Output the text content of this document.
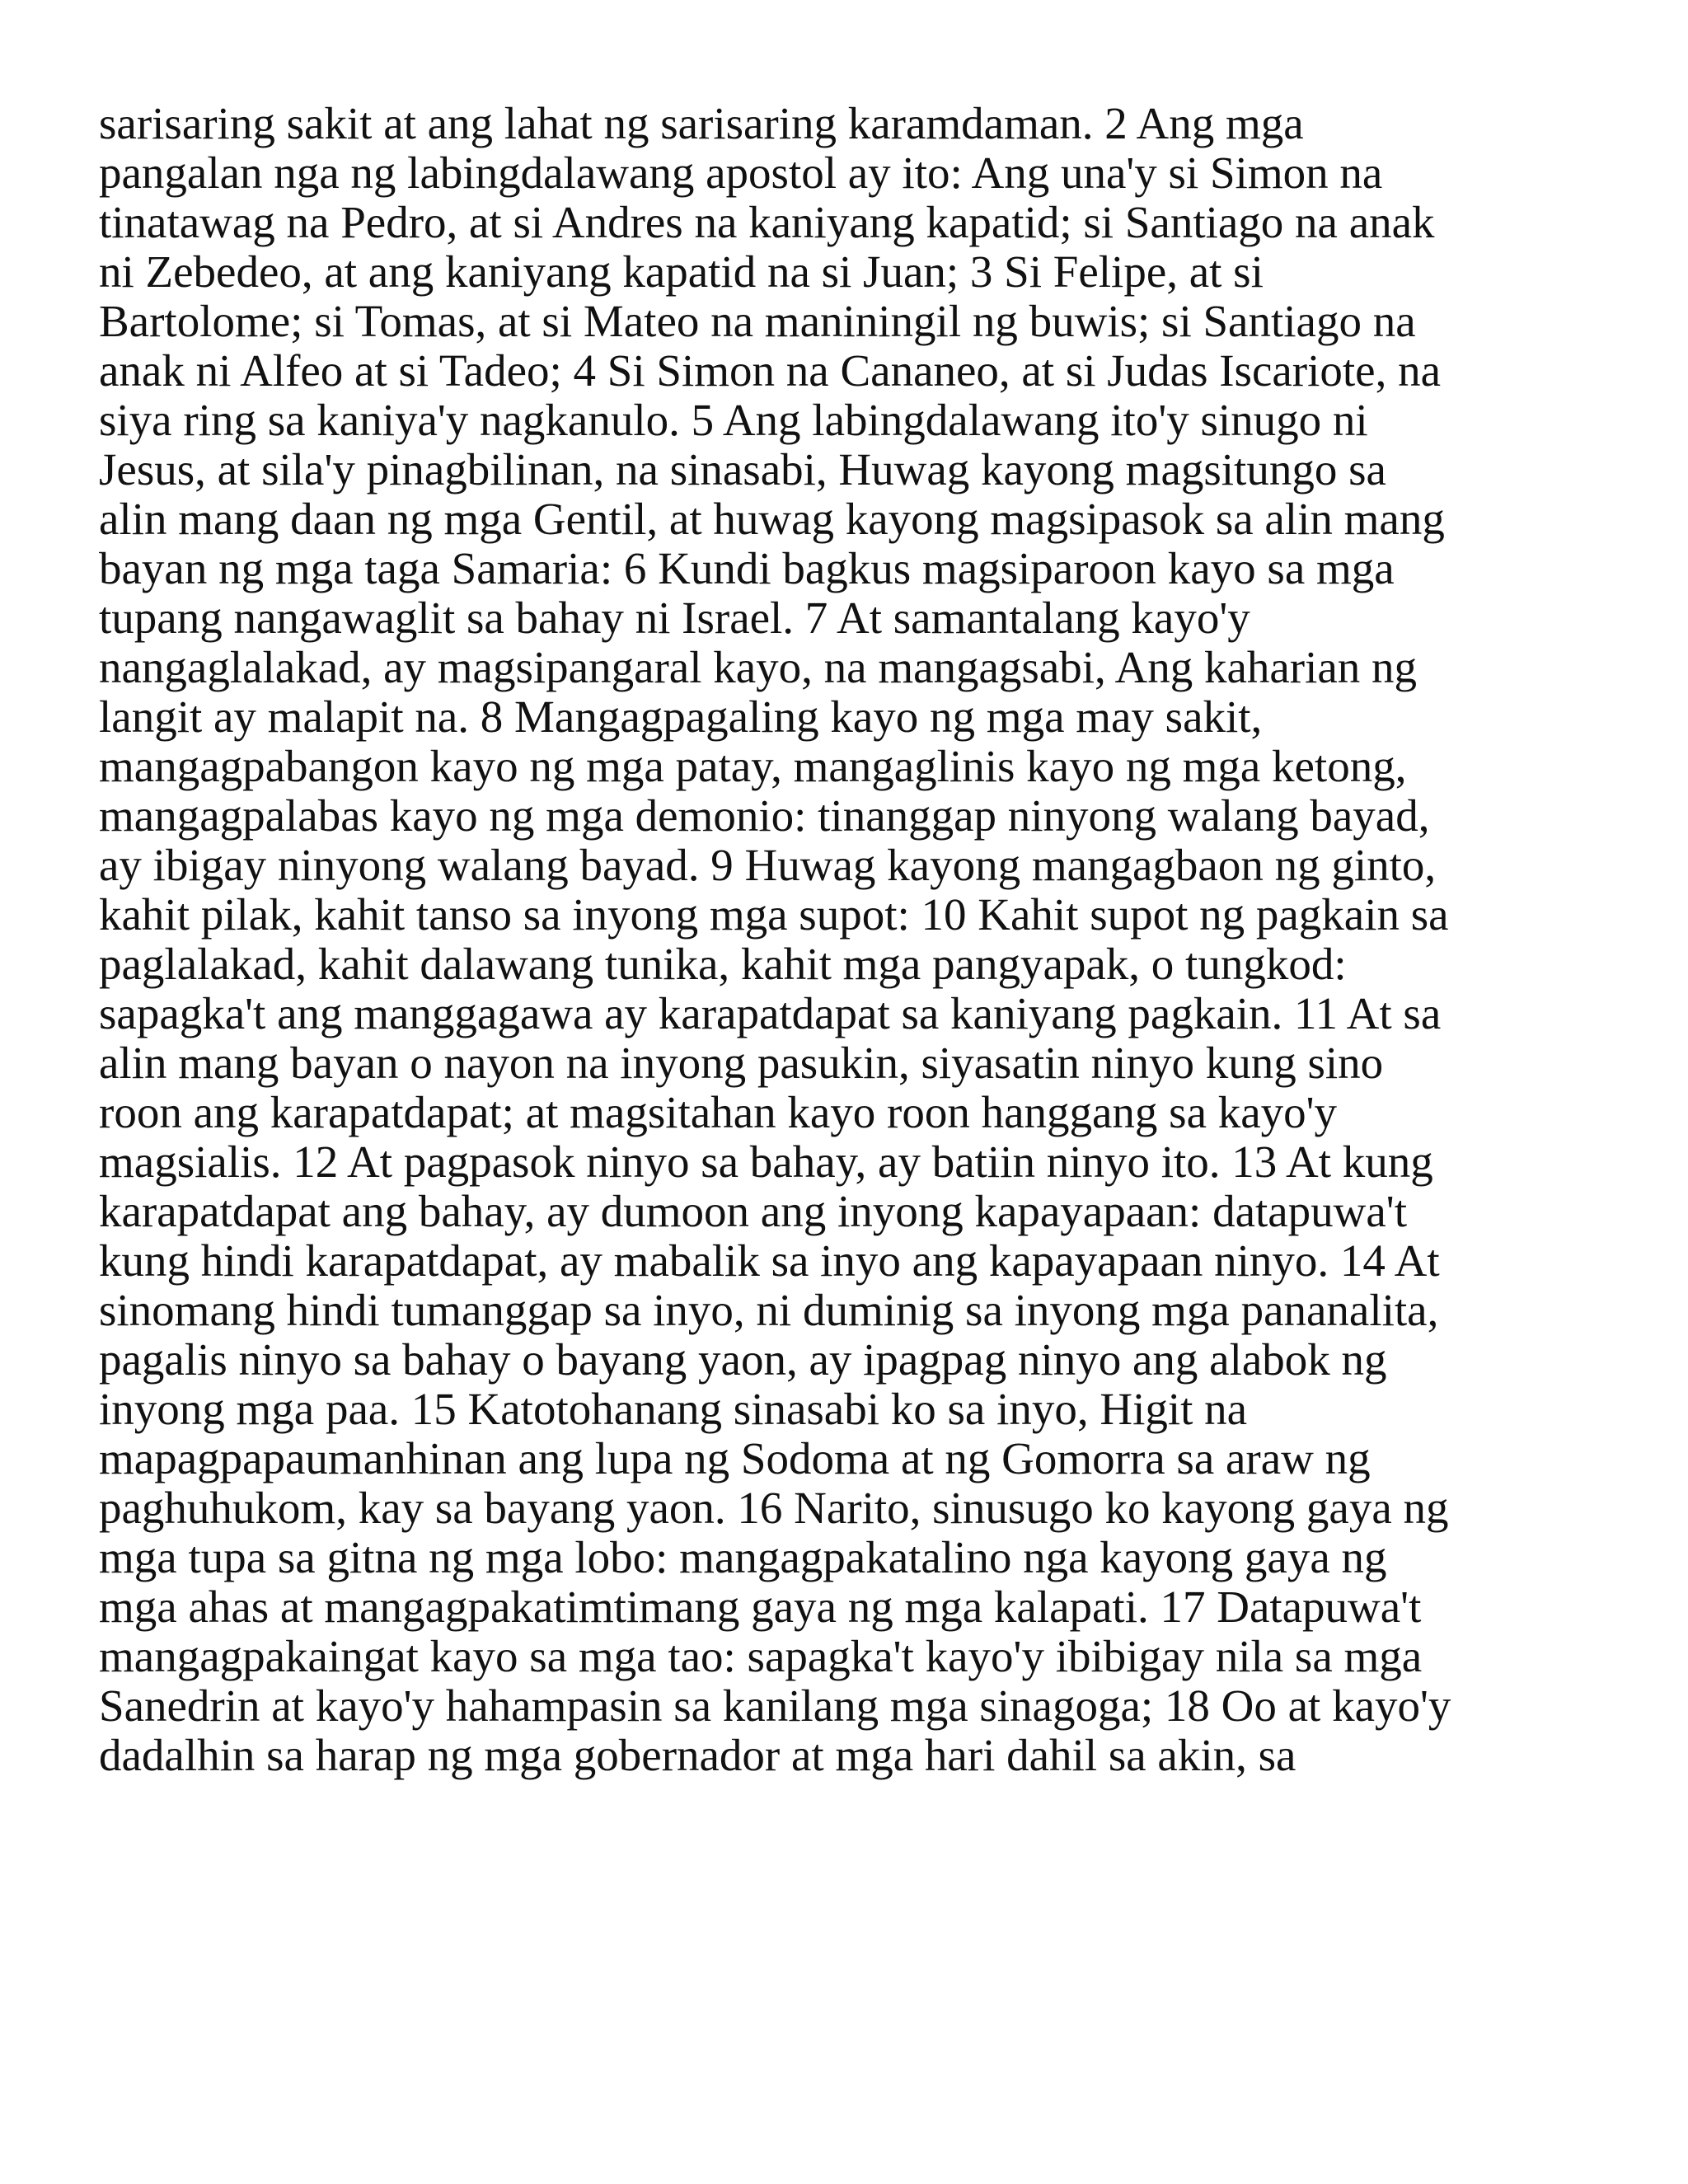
sarisaring sakit at ang lahat ng sarisaring karamdaman. 2 Ang mga
pangalan nga ng labingdalawang apostol ay ito: Ang una'y si Simon na
tinatawag na Pedro, at si Andres na kaniyang kapatid; si Santiago na anak
ni Zebedeo, at ang kaniyang kapatid na si Juan; 3 Si Felipe, at si
Bartolome; si Tomas, at si Mateo na maniningil ng buwis; si Santiago na
anak ni Alfeo at si Tadeo; 4 Si Simon na Cananeo, at si Judas Iscariote, na
siya ring sa kaniya'y nagkanulo. 5 Ang labingdalawang ito'y sinugo ni
Jesus, at sila'y pinagbilinan, na sinasabi, Huwag kayong magsitungo sa
alin mang daan ng mga Gentil, at huwag kayong magsipasok sa alin mang
bayan ng mga taga Samaria: 6 Kundi bagkus magsiparoon kayo sa mga
tupang nangawaglit sa bahay ni Israel. 7 At samantalang kayo'y
nangaglalakad, ay magsipangaral kayo, na mangagsabi, Ang kaharian ng
langit ay malapit na. 8 Mangagpagaling kayo ng mga may sakit,
mangagpabangon kayo ng mga patay, mangaglinis kayo ng mga ketong,
mangagpalabas kayo ng mga demonio: tinanggap ninyong walang bayad,
ay ibigay ninyong walang bayad. 9 Huwag kayong mangagbaon ng ginto,
kahit pilak, kahit tanso sa inyong mga supot: 10 Kahit supot ng pagkain sa
paglalakad, kahit dalawang tunika, kahit mga pangyapak, o tungkod:
sapagka't ang manggagawa ay karapatdapat sa kaniyang pagkain. 11 At sa
alin mang bayan o nayon na inyong pasukin, siyasatin ninyo kung sino
roon ang karapatdapat; at magsitahan kayo roon hanggang sa kayo'y
magsialis. 12 At pagpasok ninyo sa bahay, ay batiin ninyo ito. 13 At kung
karapatdapat ang bahay, ay dumoon ang inyong kapayapaan: datapuwa't
kung hindi karapatdapat, ay mabalik sa inyo ang kapayapaan ninyo. 14 At
sinomang hindi tumanggap sa inyo, ni duminig sa inyong mga pananalita,
pagalis ninyo sa bahay o bayang yaon, ay ipagpag ninyo ang alabok ng
inyong mga paa. 15 Katotohanang sinasabi ko sa inyo, Higit na
mapagpapaumanhinan ang lupa ng Sodoma at ng Gomorra sa araw ng
paghuhukom, kay sa bayang yaon. 16 Narito, sinusugo ko kayong gaya ng
mga tupa sa gitna ng mga lobo: mangagpakatalino nga kayong gaya ng
mga ahas at mangagpakatimtimang gaya ng mga kalapati. 17 Datapuwa't
mangagpakaingat kayo sa mga tao: sapagka't kayo'y ibibigay nila sa mga
Sanedrin at kayo'y hahampasin sa kanilang mga sinagoga; 18 Oo at kayo'y
dadalhin sa harap ng mga gobernador at mga hari dahil sa akin, sa
